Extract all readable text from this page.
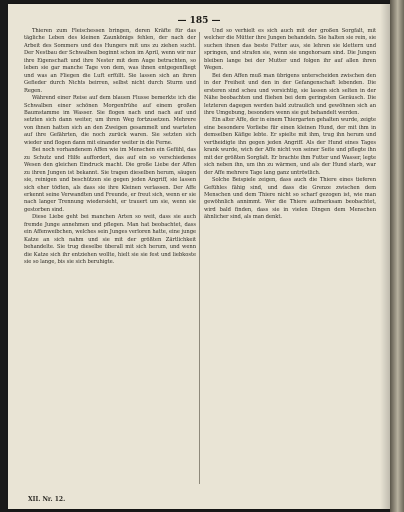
— 185 —

Thieren zum Fleischessen bringen, deren Kräfte für das tägliche Leben des kleinen Zaunkönigs fehlen, der nach der Arbeit des Sommers und des Hungers mit uns zu ziehen sucht. Der Nestbau der Schwalben beginnt schon im April, wenn wir nur ihre Eigenschaft und ihre Nester mit dem Auge betrachten, so leben sie gar manche Tage von dem, was ihnen entgegenfliegt und was an Fliegen die Luft erfüllt. Sie lassen sich an ihren Gefieder durch Nichts beirren, selbst nicht durch Sturm und Regen.

Während einer Reise auf dem blauen Flusse bemerkte ich die Schwalben einer schönen Morgenfrühe auf einem großen Baumstamme im Wasser. Sie flogen nach und nach auf und setzten sich dann weiter, um ihren Weg fortzusetzen. Mehrere von ihnen hatten sich an den Zweigen gesammelt und warteten auf ihre Gefährten, die noch zurück waren. Sie setzten sich wieder und flogen dann mit einander weiter in die Ferne.

Bei noch vorhandenem Affen wie im Menschen ein Gefühl, das zu Schutz und Hilfe auffordert, das auf ein so verschiedenes Wesen den gleichen Eindruck macht. Die große Liebe der Affen zu ihren Jungen ist bekannt. Sie tragen dieselben herum, säugen sie, reinigen und beschützen sie gegen jeden Angriff, sie lassen sich eher tödten, als dass sie ihre Kleinen verlassen. Der Affe erkennt seine Verwandten und Freunde, er freut sich, wenn er sie nach langer Trennung wiedersieht, er trauert um sie, wenn sie gestorben sind.

Diese Liebe geht bei manchen Arten so weit, dass sie auch fremde Junge annehmen und pflegen. Man hat beobachtet, dass ein Affenweibchen, welches sein Junges verloren hatte, eine junge Katze an sich nahm und sie mit der größten Zärtlichkeit behandelte. Sie trug dieselbe überall mit sich herum, und wenn die Katze sich ihr entziehen wollte, hielt sie sie fest und liebkoste sie so lange, bis sie sich beruhigte.

Und so verhielt es sich auch mit der großen Sorgfalt, mit welcher die Mütter ihre Jungen behandeln. Sie halten sie rein, sie suchen ihnen das beste Futter aus, sie lehren sie klettern und springen, und strafen sie, wenn sie ungehorsam sind. Die Jungen bleiben lange bei der Mutter und folgen ihr auf allen ihren Wegen.

Bei den Affen muß man übrigens unterscheiden zwischen den in der Freiheit und den in der Gefangenschaft lebenden. Die ersteren sind scheu und vorsichtig, sie lassen sich selten in der Nähe beobachten und fliehen bei dem geringsten Geräusch. Die letzteren dagegen werden bald zutraulich und gewöhnen sich an ihre Umgebung, besonders wenn sie gut behandelt werden.

Ein alter Affe, der in einem Thiergarten gehalten wurde, zeigte eine besondere Vorliebe für einen kleinen Hund, der mit ihm in demselben Käfige lebte. Er spielte mit ihm, trug ihn herum und vertheidigte ihn gegen jeden Angriff. Als der Hund eines Tages krank wurde, wich der Affe nicht von seiner Seite und pflegte ihn mit der größten Sorgfalt. Er brachte ihm Futter und Wasser, legte sich neben ihn, um ihn zu wärmen, und als der Hund starb, war der Affe mehrere Tage lang ganz untröstlich.

Solche Beispiele zeigen, dass auch die Thiere eines tieferen Gefühles fähig sind, und dass die Grenze zwischen dem Menschen und dem Thiere nicht so scharf gezogen ist, wie man gewöhnlich annimmt. Wer die Thiere aufmerksam beobachtet, wird bald finden, dass sie in vielen Dingen dem Menschen ähnlicher sind, als man denkt.

XII. Nr. 12.
